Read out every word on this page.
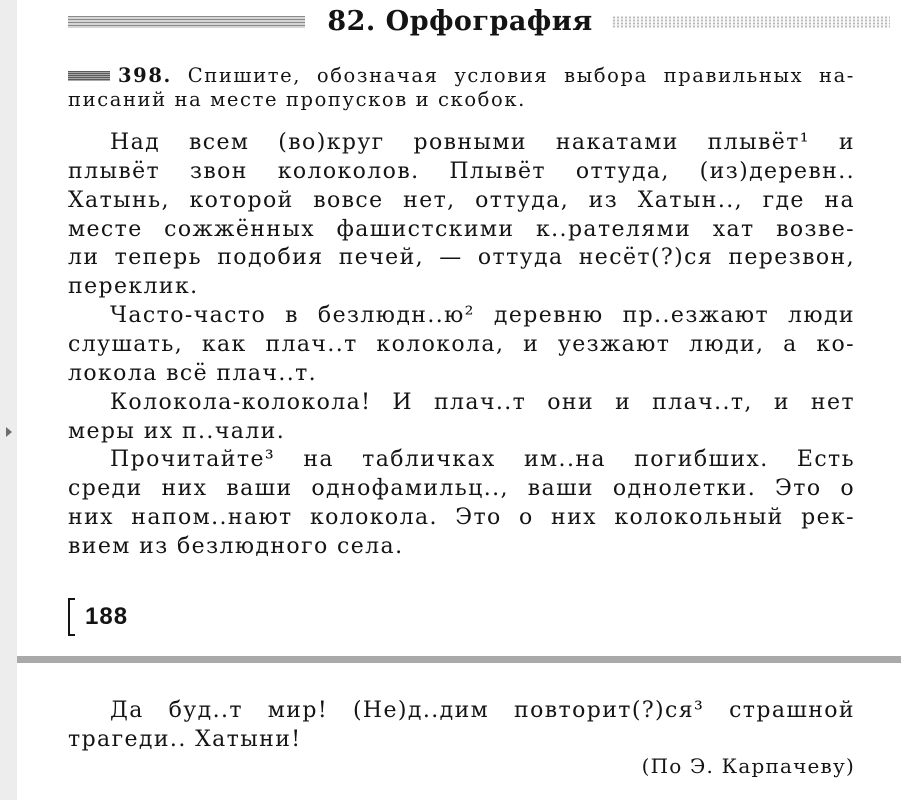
82. Орфография
398. Спишите, обозначая условия выбора правильных на-
писаний на месте пропусков и скобок.
Над всем (во)круг ровными накатами плывёт¹ и
плывёт звон колоколов. Плывёт оттуда, (из)деревн..
Хатынь, которой вовсе нет, оттуда, из Хатын.., где на
месте сожжённых фашистскими к..рателями хат возве-
ли теперь подобия печей, — оттуда несёт(?)ся перезвон,
переклик.
Часто-часто в безлюдн..ю² деревню пр..езжают люди
слушать, как плач..т колокола, и уезжают люди, а ко-
локола всё плач..т.
Колокола-колокола! И плач..т они и плач..т, и нет
меры их п..чали.
Прочитайте³ на табличках им..на погибших. Есть
среди них ваши однофамильц.., ваши однолетки. Это о
них напом..нают колокола. Это о них колокольный рек-
вием из безлюдного села.
188
Да буд..т мир! (Не)д..дим повторит(?)ся³ страшной
трагеди.. Хатыни!
(По Э. Карпачеву)
